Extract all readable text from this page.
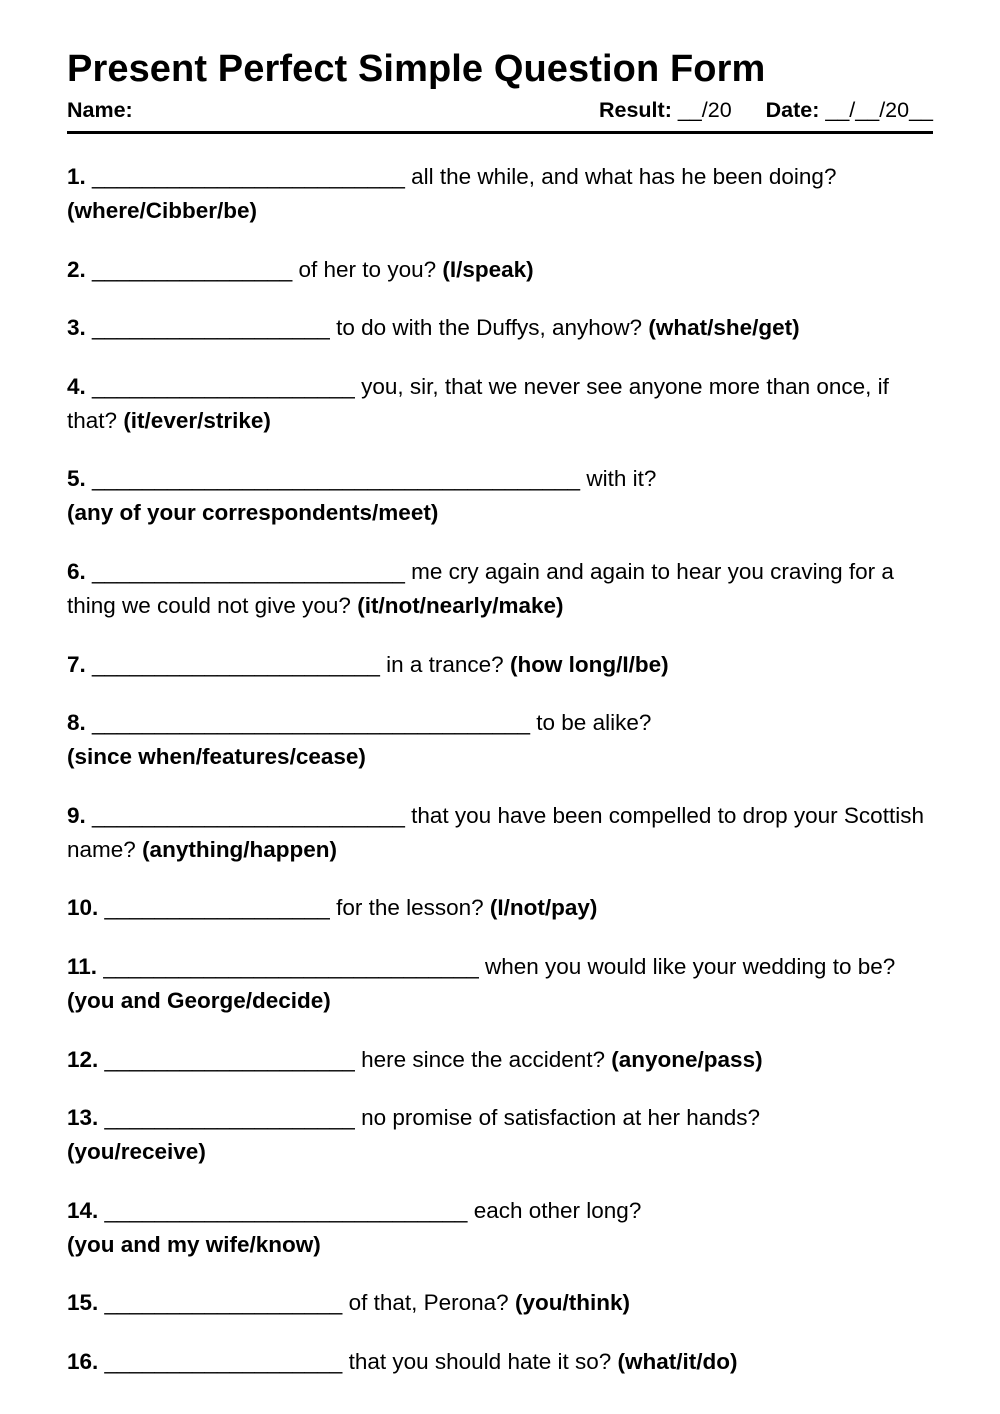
Present Perfect Simple Question Form
Name:	Result: __/20 Date: __/__/20__

1. _________________________ all the while, and what has he been doing?
(where/Cibber/be)

2. ________________ of her to you? (I/speak)

3. ___________________ to do with the Duffys, anyhow? (what/she/get)

4. _____________________ you, sir, that we never see anyone more than once, if that? (it/ever/strike)

5. _______________________________________ with it?
(any of your correspondents/meet)

6. _________________________ me cry again and again to hear you craving for a thing we could not give you? (it/not/nearly/make)

7. _______________________ in a trance? (how long/I/be)

8. ___________________________________ to be alike?
(since when/features/cease)

9. _________________________ that you have been compelled to drop your Scottish name? (anything/happen)

10. __________________ for the lesson? (I/not/pay)

11. ______________________________ when you would like your wedding to be? (you and George/decide)

12. ____________________ here since the accident? (anyone/pass)

13. ____________________ no promise of satisfaction at her hands?
(you/receive)

14. _____________________________ each other long?
(you and my wife/know)

15. ___________________ of that, Perona? (you/think)

16. ___________________ that you should hate it so? (what/it/do)
